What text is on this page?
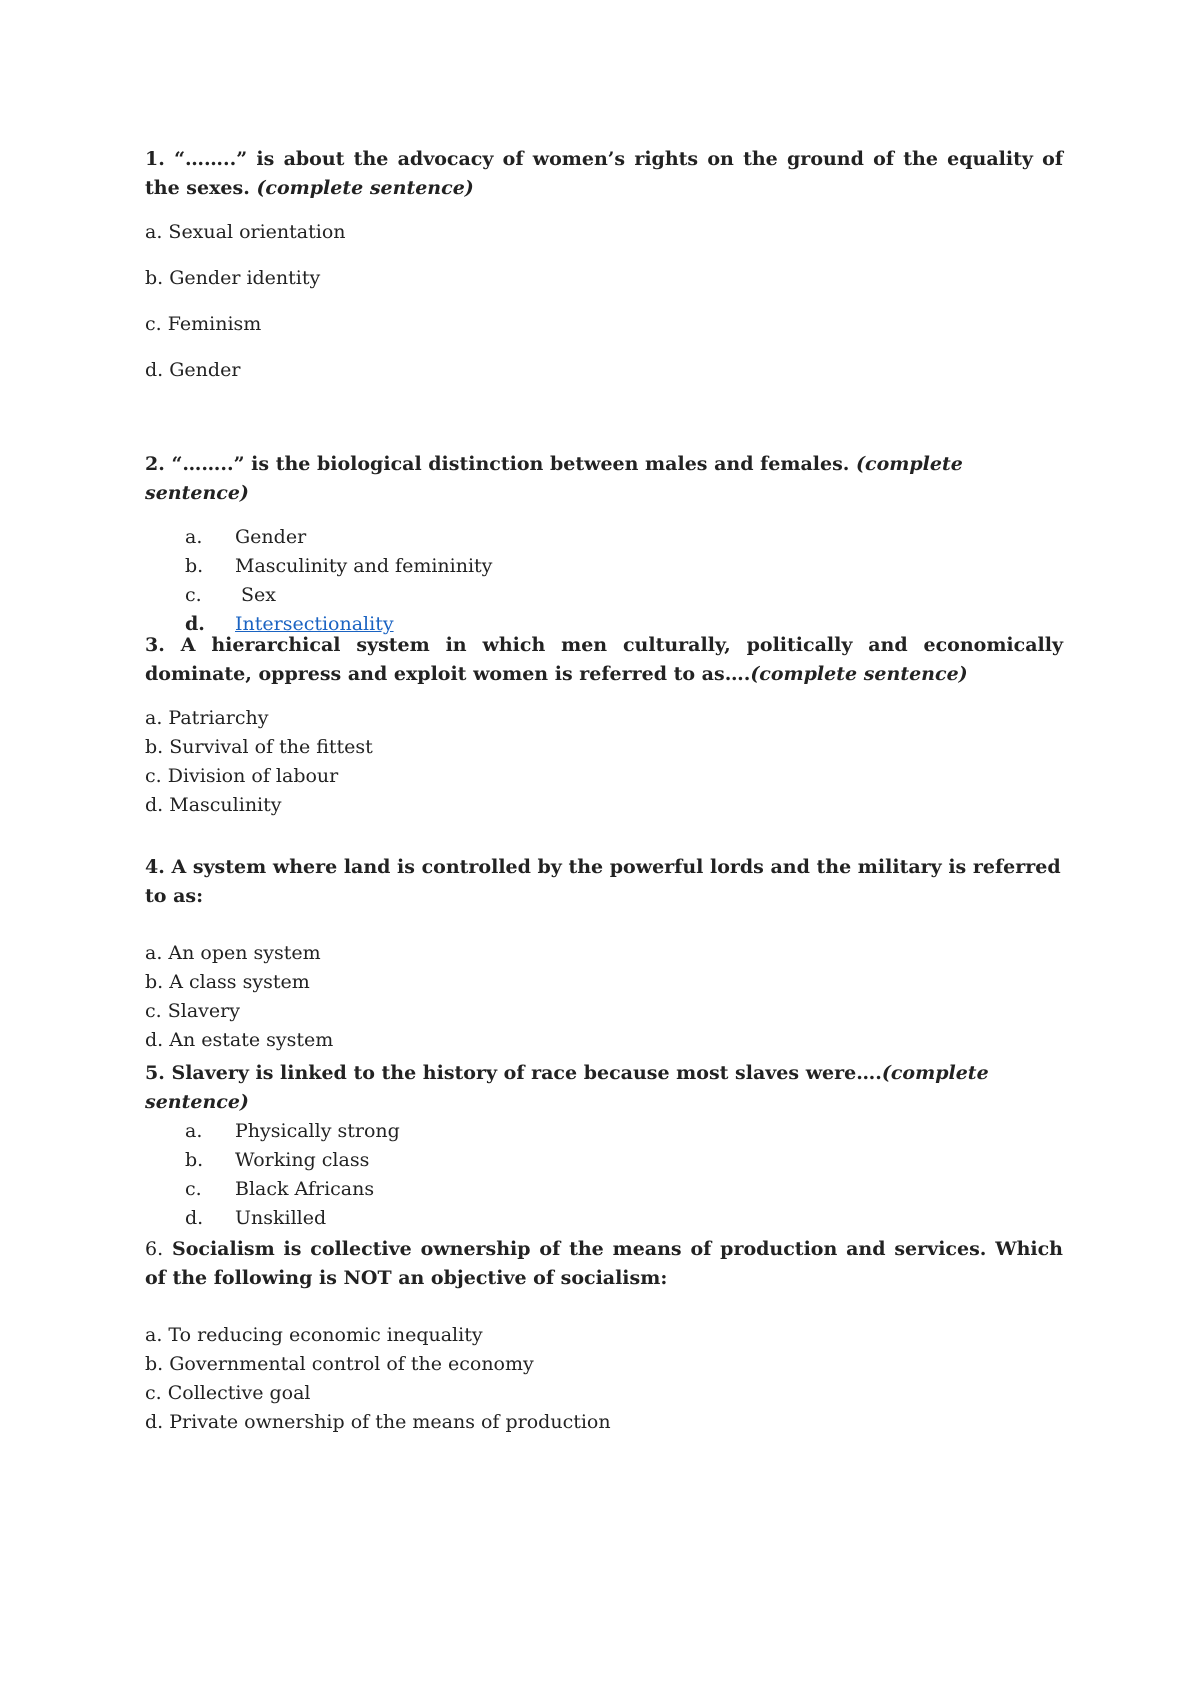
1. “……..” is about the advocacy of women’s rights on the ground of the equality of the sexes. (complete sentence)

a. Sexual orientation
b. Gender identity
c. Feminism
d. Gender

2. “……..” is the biological distinction between males and females. (complete sentence)

a.	Gender
b.	Masculinity and femininity
c.	Sex
d.	Intersectionality

3. A hierarchical system in which men culturally, politically and economically dominate, oppress and exploit women is referred to as….(complete sentence)

a. Patriarchy
b. Survival of the fittest
c. Division of labour
d. Masculinity

4. A system where land is controlled by the powerful lords and the military is referred to as:

a. An open system
b. A class system
c. Slavery
d. An estate system

5. Slavery is linked to the history of race because most slaves were….(complete sentence)

a.	Physically strong
b.	Working class
c.	Black Africans
d.	Unskilled

6. Socialism is collective ownership of the means of production and services. Which of the following is NOT an objective of socialism:

a. To reducing economic inequality
b. Governmental control of the economy
c. Collective goal
d. Private ownership of the means of production
